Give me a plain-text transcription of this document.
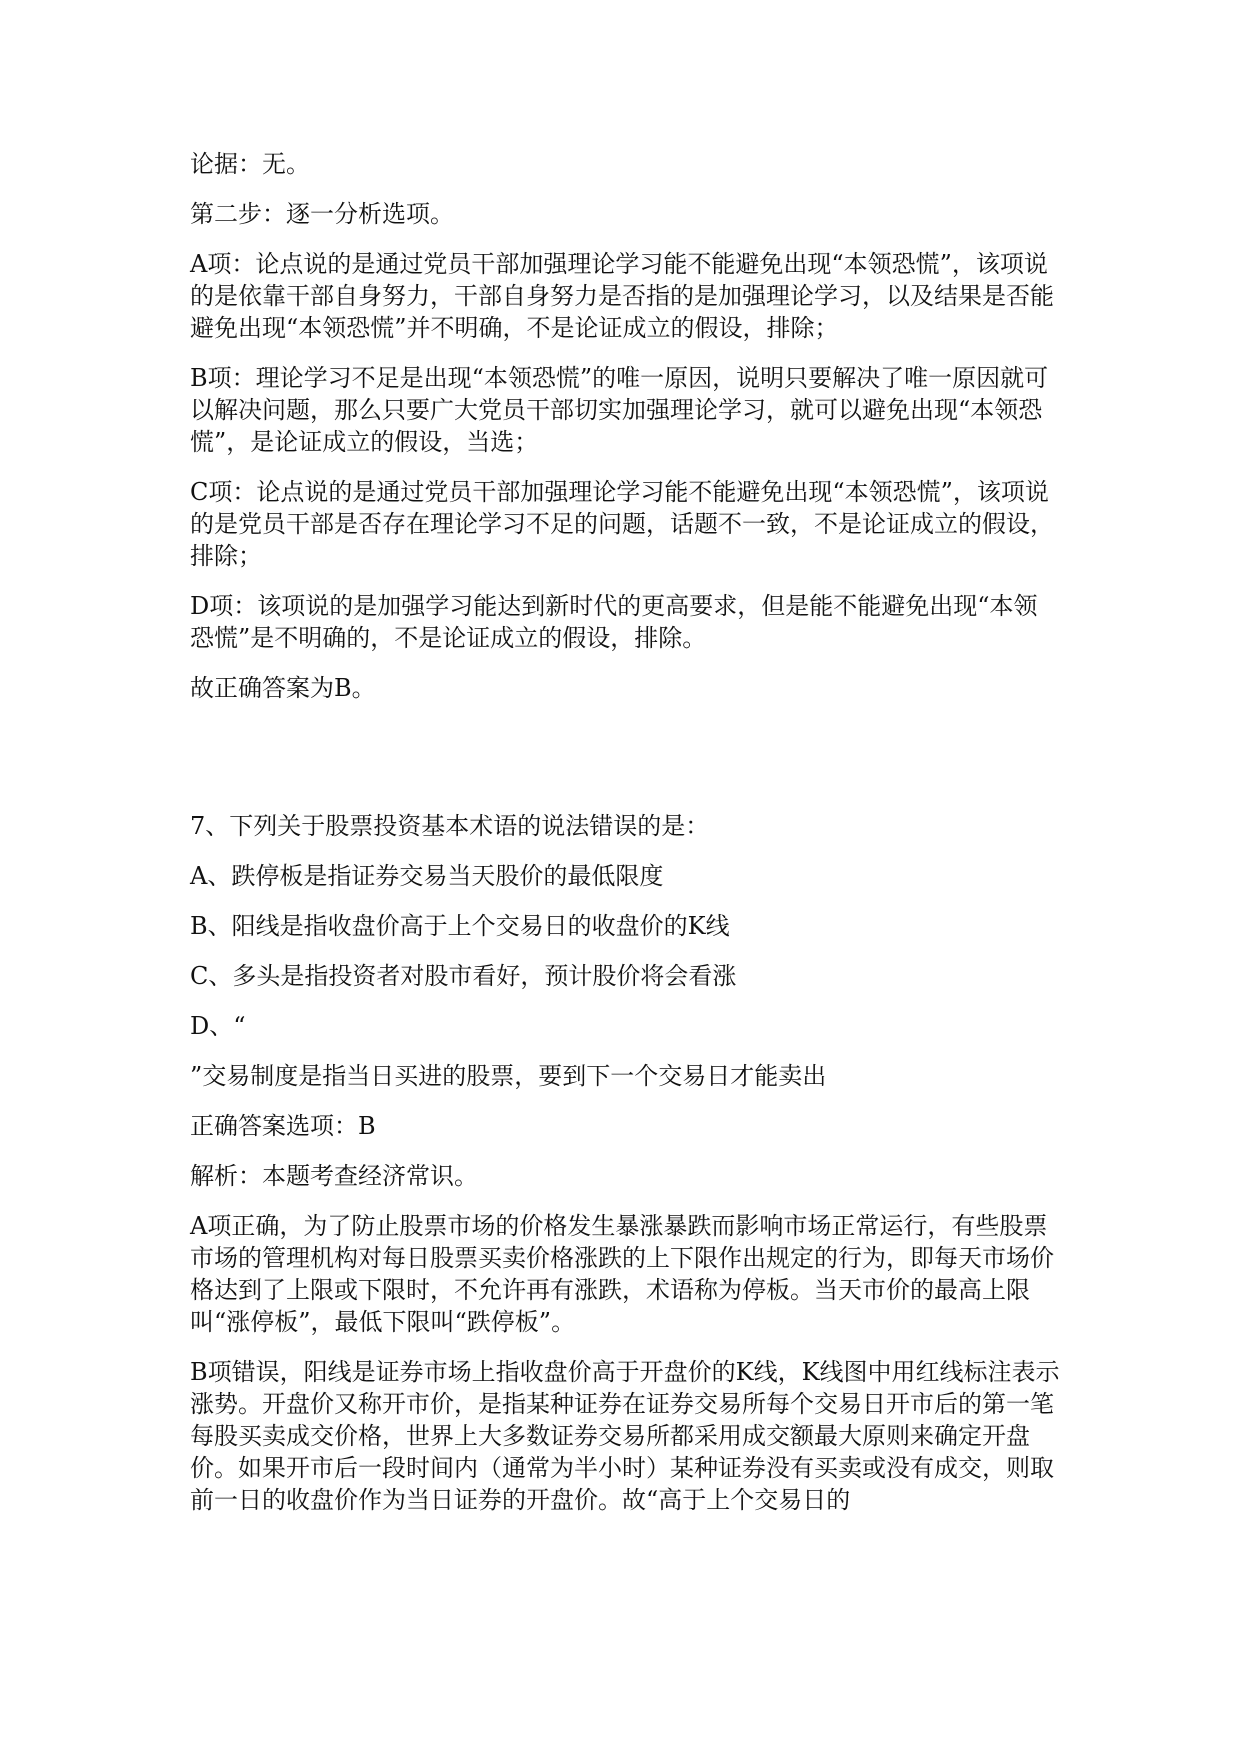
论据：无。

第二步：逐一分析选项。

A项：论点说的是通过党员干部加强理论学习能不能避免出现“本领恐慌”，该项说的是依靠干部自身努力，干部自身努力是否指的是加强理论学习，以及结果是否能避免出现“本领恐慌”并不明确，不是论证成立的假设，排除；

B项：理论学习不足是出现“本领恐慌”的唯一原因，说明只要解决了唯一原因就可以解决问题，那么只要广大党员干部切实加强理论学习，就可以避免出现“本领恐慌”，是论证成立的假设，当选；

C项：论点说的是通过党员干部加强理论学习能不能避免出现“本领恐慌”，该项说的是党员干部是否存在理论学习不足的问题，话题不一致，不是论证成立的假设，排除；

D项：该项说的是加强学习能达到新时代的更高要求，但是能不能避免出现“本领恐慌”是不明确的，不是论证成立的假设，排除。

故正确答案为B。

7、下列关于股票投资基本术语的说法错误的是：

A、跌停板是指证券交易当天股价的最低限度

B、阳线是指收盘价高于上个交易日的收盘价的K线

C、多头是指投资者对股市看好，预计股价将会看涨

D、“

”交易制度是指当日买进的股票，要到下一个交易日才能卖出

正确答案选项：B

解析：本题考查经济常识。

A项正确，为了防止股票市场的价格发生暴涨暴跌而影响市场正常运行，有些股票市场的管理机构对每日股票买卖价格涨跌的上下限作出规定的行为，即每天市场价格达到了上限或下限时，不允许再有涨跌，术语称为停板。当天市价的最高上限叫“涨停板”，最低下限叫“跌停板”。

B项错误，阳线是证券市场上指收盘价高于开盘价的K线，K线图中用红线标注表示涨势。开盘价又称开市价，是指某种证券在证券交易所每个交易日开市后的第一笔每股买卖成交价格，世界上大多数证券交易所都采用成交额最大原则来确定开盘价。如果开市后一段时间内（通常为半小时）某种证券没有买卖或没有成交，则取前一日的收盘价作为当日证券的开盘价。故“高于上个交易日的
